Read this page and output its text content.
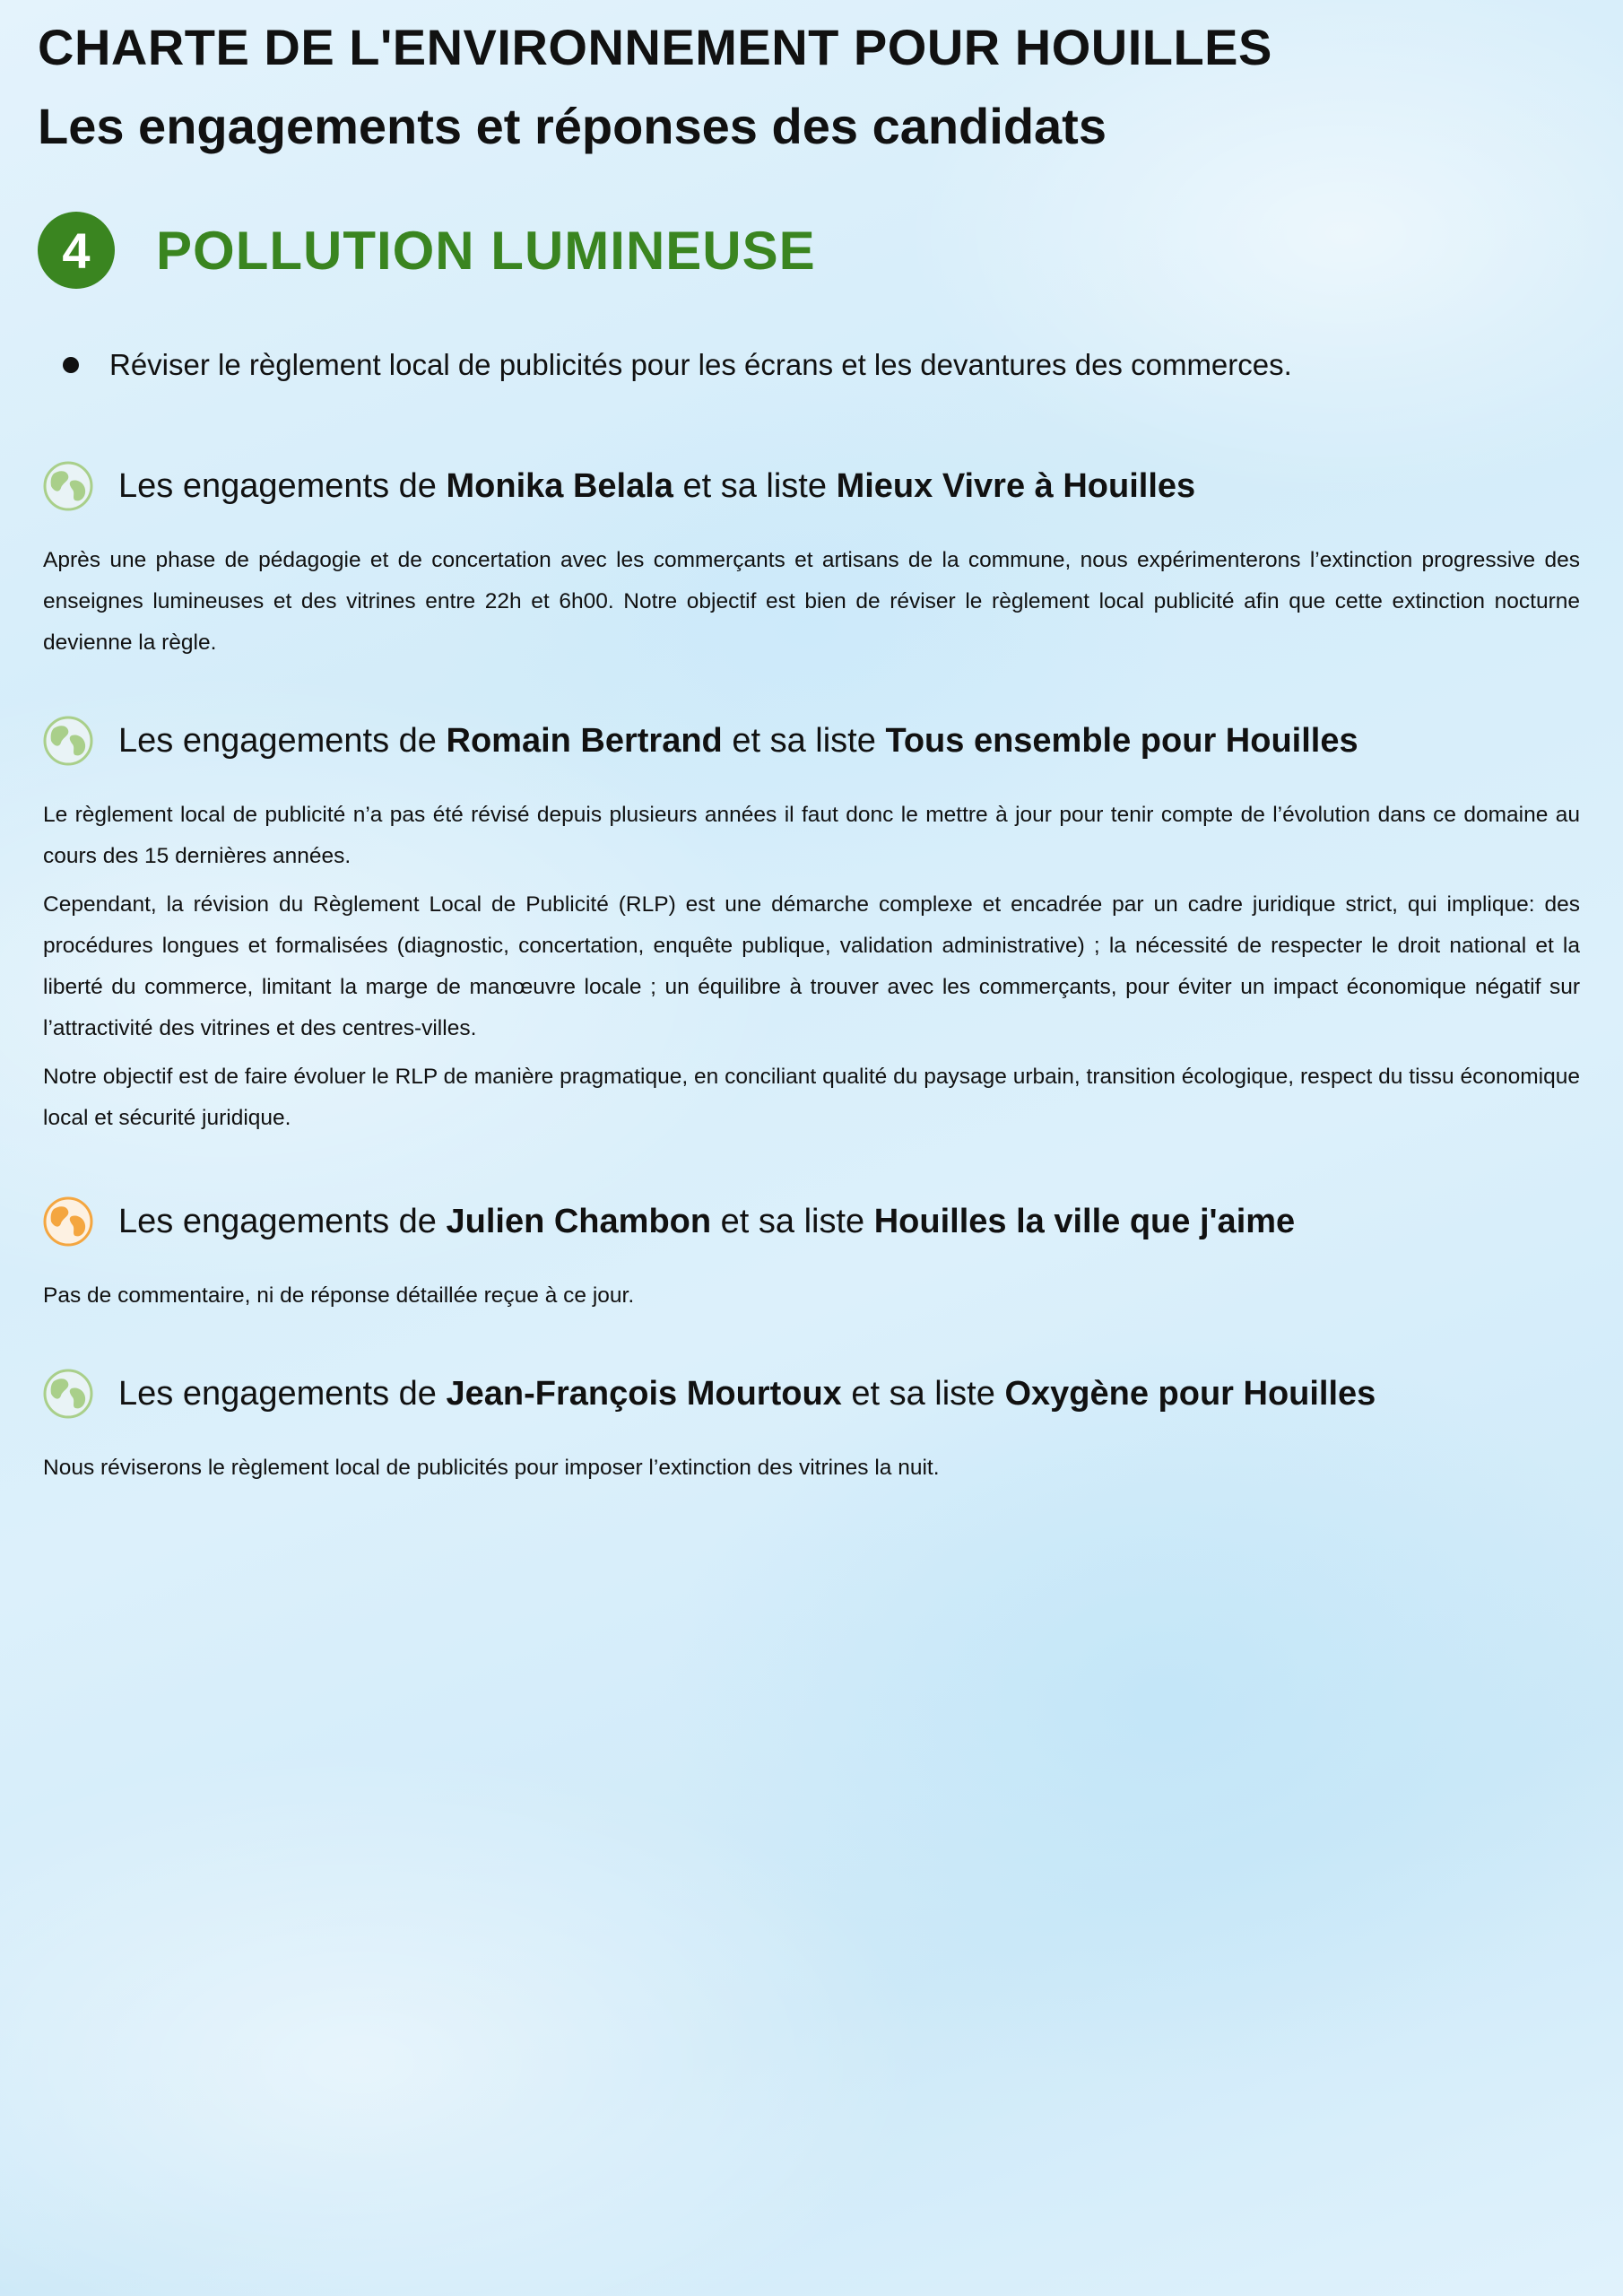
CHARTE DE L'ENVIRONNEMENT POUR HOUILLES
Les engagements et réponses des candidats
4	POLLUTION LUMINEUSE
Réviser le règlement local de publicités pour les écrans et les devantures des commerces.
Les engagements de Monika Belala et sa liste Mieux Vivre à Houilles

Après une phase de pédagogie et de concertation avec les commerçants et artisans de la commune, nous expérimenterons l’extinction progressive des enseignes lumineuses et des vitrines entre 22h et 6h00. Notre objectif est bien de réviser le règlement local publicité afin que cette extinction nocturne devienne la règle.

Les engagements de Romain Bertrand et sa liste Tous ensemble pour Houilles

Le règlement local de publicité n’a pas été révisé depuis plusieurs années il faut donc le mettre à jour pour tenir compte de l’évolution dans ce domaine au cours des 15 dernières années.

Cependant, la révision du Règlement Local de Publicité (RLP) est une démarche complexe et encadrée par un cadre juridique strict, qui implique: des procédures longues et formalisées (diagnostic, concertation, enquête publique, validation administrative) ; la nécessité de respecter le droit national et la liberté du commerce, limitant la marge de manœuvre locale ; un équilibre à trouver avec les commerçants, pour éviter un impact économique négatif sur l’attractivité des vitrines et des centres-villes.

Notre objectif est de faire évoluer le RLP de manière pragmatique, en conciliant qualité du paysage urbain, transition écologique, respect du tissu économique local et sécurité juridique.

Les engagements de Julien Chambon et sa liste Houilles la ville que j'aime

Pas de commentaire, ni de réponse détaillée reçue à ce jour.

Les engagements de Jean-François Mourtoux et sa liste Oxygène pour Houilles

Nous réviserons le règlement local de publicités pour imposer l’extinction des vitrines la nuit.
